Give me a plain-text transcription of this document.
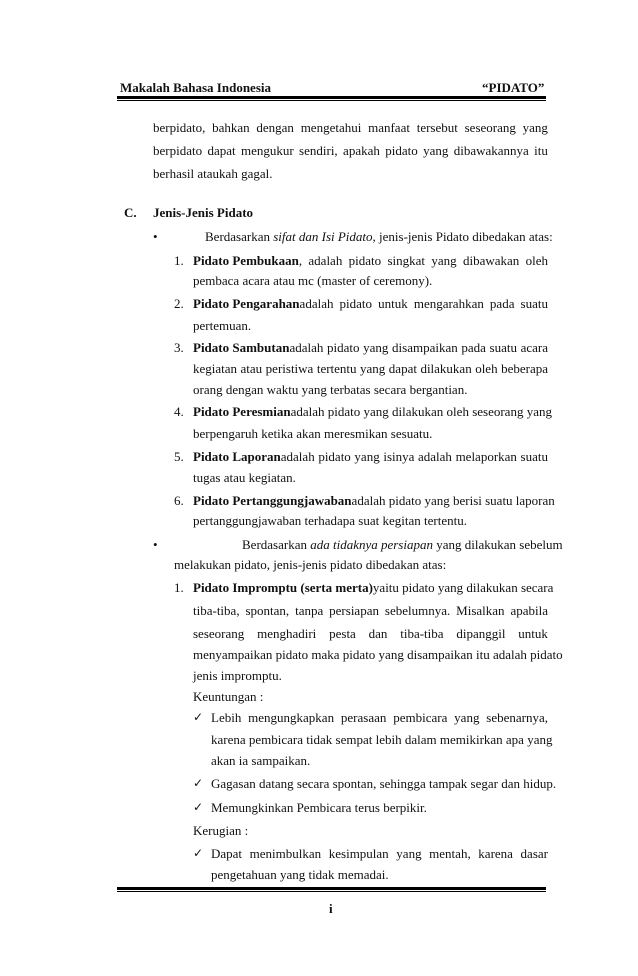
Makalah Bahasa Indonesia	“PIDATO”
berpidato, bahkan dengan mengetahui manfaat tersebut seseorang yang
berpidato dapat mengukur sendiri, apakah pidato yang dibawakannya itu
berhasil ataukah gagal.
C. Jenis-Jenis Pidato
•	Berdasarkan sifat dan Isi Pidato, jenis-jenis Pidato dibedakan atas:
1. Pidato Pembukaan , adalah pidato singkat yang dibawakan oleh
pembaca acara atau mc (master of ceremony).
2. Pidato Pengarahan adalah pidato untuk mengarahkan pada suatu
pertemuan.
3. Pidato Sambutan adalah pidato yang disampaikan pada suatu acara
kegiatan atau peristiwa tertentu yang dapat dilakukan oleh beberapa
orang dengan waktu yang terbatas secara bergantian.
4. Pidato Peresmian adalah pidato yang dilakukan oleh seseorang yang
berpengaruh ketika akan meresmikan sesuatu.
5. Pidato Laporan adalah pidato yang isinya adalah melaporkan suatu
tugas atau kegiatan.
6. Pidato Pertanggungjawaban adalah pidato yang berisi suatu laporan
pertanggungjawaban terhadapa suat kegitan tertentu.
•	Berdasarkan ada tidaknya persiapan yang dilakukan sebelum
melakukan pidato, jenis-jenis pidato dibedakan atas:
1. Pidato Impromptu (serta merta) yaitu pidato yang dilakukan secara
tiba-tiba, spontan, tanpa persiapan sebelumnya. Misalkan apabila
seseorang menghadiri pesta dan tiba-tiba dipanggil untuk
menyampaikan pidato maka pidato yang disampaikan itu adalah pidato
jenis impromptu.
Keuntungan :
✓ Lebih mengungkapkan perasaan pembicara yang sebenarnya,
karena pembicara tidak sempat lebih dalam memikirkan apa yang
akan ia sampaikan.
✓ Gagasan datang secara spontan, sehingga tampak segar dan hidup.
✓ Memungkinkan Pembicara terus berpikir.
Kerugian :
✓ Dapat menimbulkan kesimpulan yang mentah, karena dasar
pengetahuan yang tidak memadai.
i
